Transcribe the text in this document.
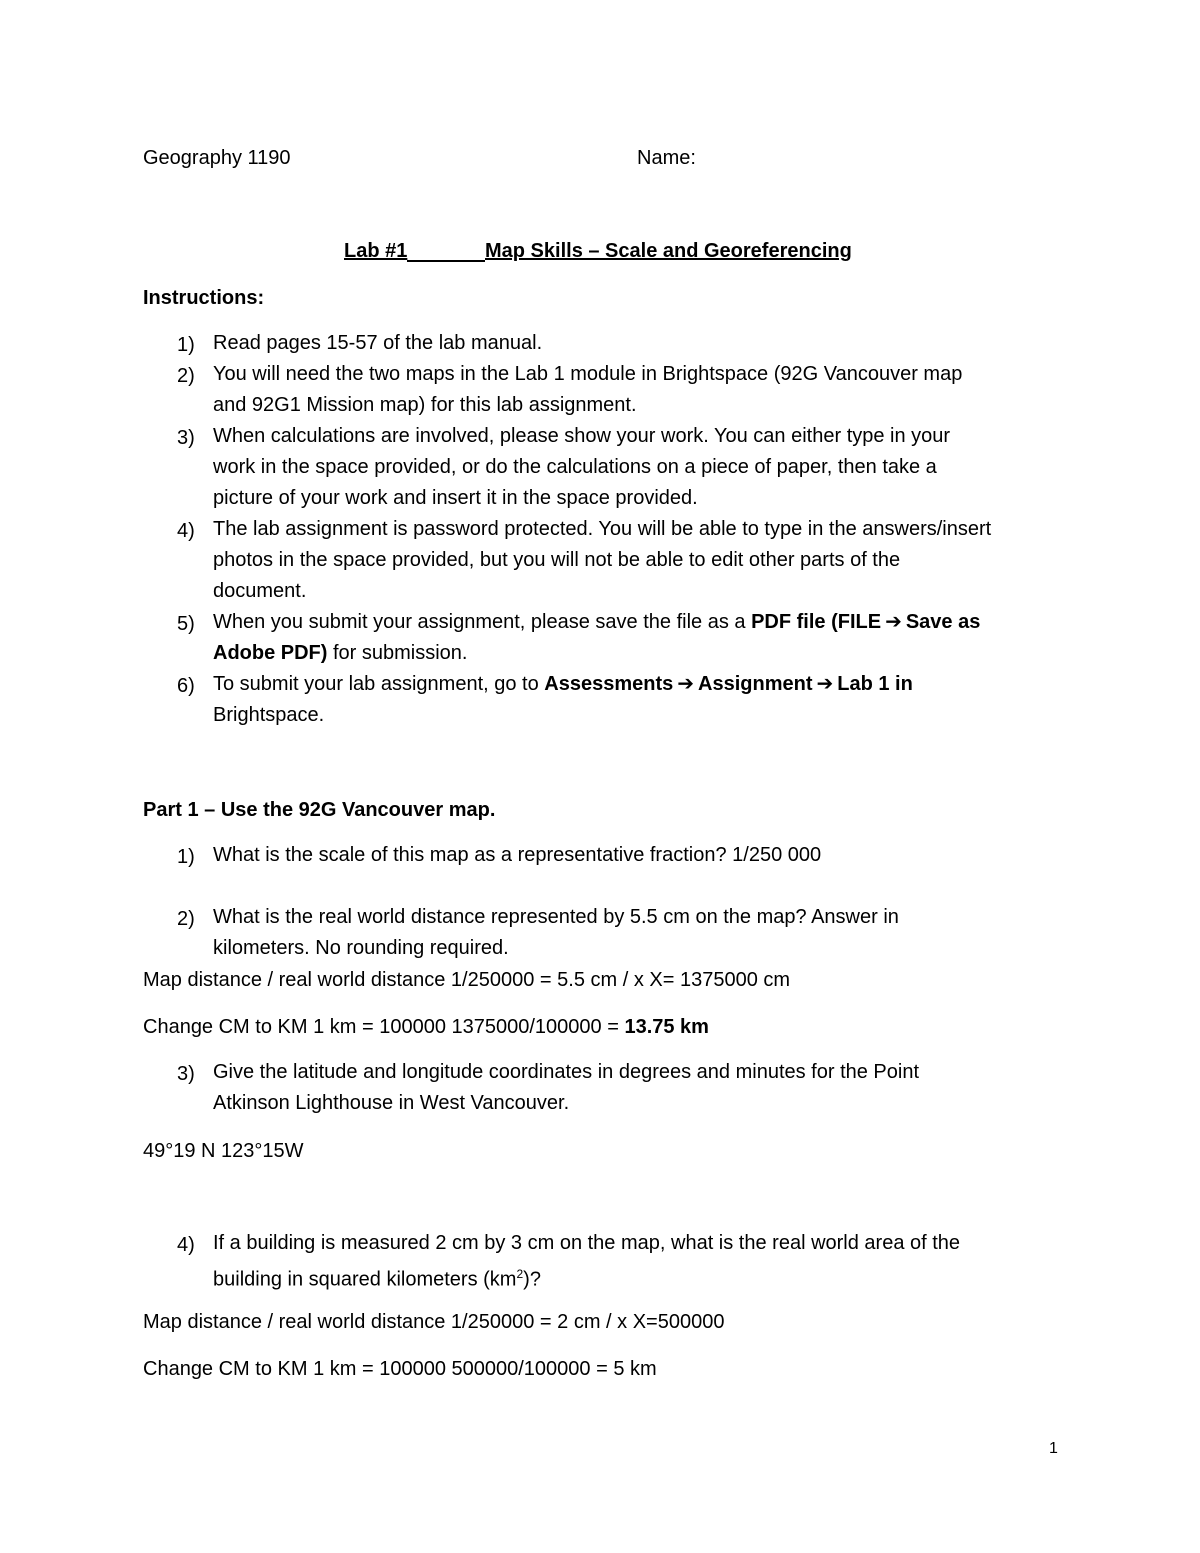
Geography 1190	Name:
Lab #1	Map Skills – Scale and Georeferencing
Instructions:
1) Read pages 15-57 of the lab manual.
2) You will need the two maps in the Lab 1 module in Brightspace (92G Vancouver map
and 92G1 Mission map) for this lab assignment.
3) When calculations are involved, please show your work. You can either type in your
work in the space provided, or do the calculations on a piece of paper, then take a
picture of your work and insert it in the space provided.
4) The lab assignment is password protected. You will be able to type in the answers/insert
photos in the space provided, but you will not be able to edit other parts of the
document.
5) When you submit your assignment, please save the file as a PDF file (FILE ➔ Save as
Adobe PDF) for submission.
6) To submit your lab assignment, go to Assessments ➔ Assignment ➔ Lab 1 in
Brightspace.
Part 1 – Use the 92G Vancouver map.
1) What is the scale of this map as a representative fraction? 1/250 000
2) What is the real world distance represented by 5.5 cm on the map? Answer in
kilometers. No rounding required.
Map distance / real world distance 1/250000 = 5.5 cm / x X= 1375000 cm
Change CM to KM 1 km = 100000 1375000/100000 = 13.75 km
3) Give the latitude and longitude coordinates in degrees and minutes for the Point
Atkinson Lighthouse in West Vancouver.
49°19 N 123°15W
4) If a building is measured 2 cm by 3 cm on the map, what is the real world area of the
building in squared kilometers $(km^2)$?
Map distance / real world distance 1/250000 = 2 cm / x X=500000
Change CM to KM 1 km = 100000 500000/100000 = 5 km
1
